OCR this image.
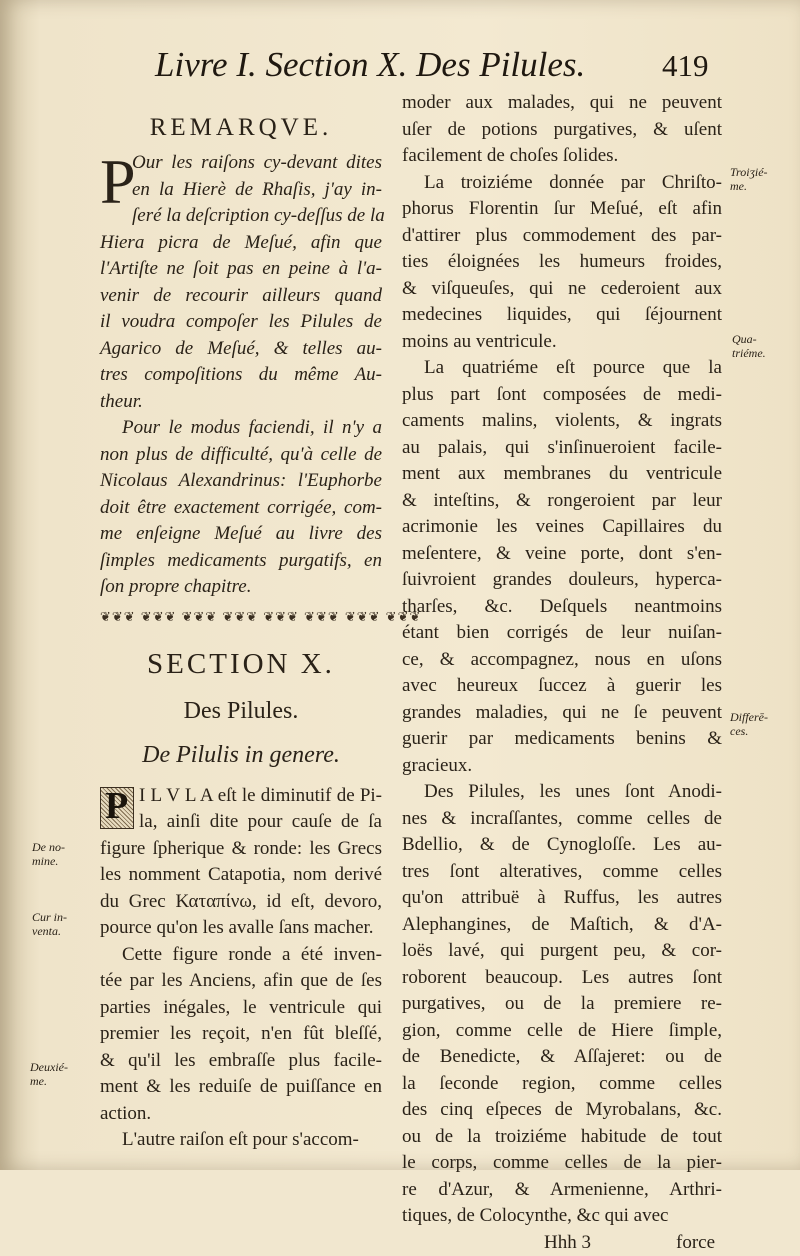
Livre I. Section X. Des Pilules.	419
REMARQVE.
P
Our les raiſons cy-devant dites
en la Hierè de Rhaſis, j'ay in-
ſeré la deſcription cy-deſſus de la
Hiera picra de Meſué, afin que
l'Artiſte ne ſoit pas en peine à l'a-
venir de recourir ailleurs quand
il voudra compoſer les Pilules de
Agarico de Meſué, & telles au-
tres compoſitions du même Au-
theur.
Pour le modus faciendi, il n'y a
non plus de difficulté, qu'à celle de
Nicolaus Alexandrinus: l'Euphorbe
doit être exactement corrigée, com-
me enſeigne Meſué au livre des
ſimples medicaments purgatifs, en
ſon propre chapitre.
❦❦❦ ❦❦❦ ❦❦❦ ❦❦❦ ❦❦❦ ❦❦❦ ❦❦❦ ❦❦❦
SECTION X.
Des Pilules.
De Pilulis in genere.
P I L V L A eſt le diminutif de Pi-
la, ainſi dite pour cauſe de ſa
figure ſpherique & ronde: les Grecs
les nomment Catapotia, nom derivé
du Grec Καταπίνω, id eſt, devoro,
pource qu'on les avalle ſans macher.
Cette figure ronde a été inven-
tée par les Anciens, afin que de ſes
parties inégales, le ventricule qui
premier les reçoit, n'en fût bleſſé,
& qu'il les embraſſe plus facile-
ment & les reduiſe de puiſſance en
action.
L'autre raiſon eſt pour s'accom-
De no-
mine.
Cur in-
venta.
Deuxié-
me.
moder aux malades, qui ne peuvent
uſer de potions purgatives, & uſent
facilement de choſes ſolides.
La troiziéme donnée par Chriſto-
phorus Florentin ſur Meſué, eſt afin
d'attirer plus commodement des par-
ties éloignées les humeurs froides,
& viſqueuſes, qui ne cederoient aux
medecines liquides, qui ſéjournent
moins au ventricule.
La quatriéme eſt pource que la
plus part ſont composées de medi-
caments malins, violents, & ingrats
au palais, qui s'inſinueroient facile-
ment aux membranes du ventricule
& inteſtins, & rongeroient par leur
acrimonie les veines Capillaires du
meſentere, & veine porte, dont s'en-
ſuivroient grandes douleurs, hyperca-
tharſes, &c. Deſquels neantmoins
étant bien corrigés de leur nuiſan-
ce, & accompagnez, nous en uſons
avec heureux ſuccez à guerir les
grandes maladies, qui ne ſe peuvent
guerir par medicaments benins &
gracieux.
Des Pilules, les unes ſont Anodi-
nes & incraſſantes, comme celles de
Bdellio, & de Cynogloſſe. Les au-
tres ſont alteratives, comme celles
qu'on attribuë à Ruffus, les autres
Alephangines, de Maſtich, & d'A-
loës lavé, qui purgent peu, & cor-
roborent beaucoup. Les autres ſont
purgatives, ou de la premiere re-
gion, comme celle de Hiere ſimple,
de Benedicte, & Aſſajeret: ou de
la ſeconde region, comme celles
des cinq eſpeces de Myrobalans, &c.
ou de la troiziéme habitude de tout
le corps, comme celles de la pier-
re d'Azur, & Armenienne, Arthri-
tiques, de Colocynthe, &c qui avec
Hhh 3	force
Troiʒié-
me.
Qua-
triéme.
Differē-
ces.
